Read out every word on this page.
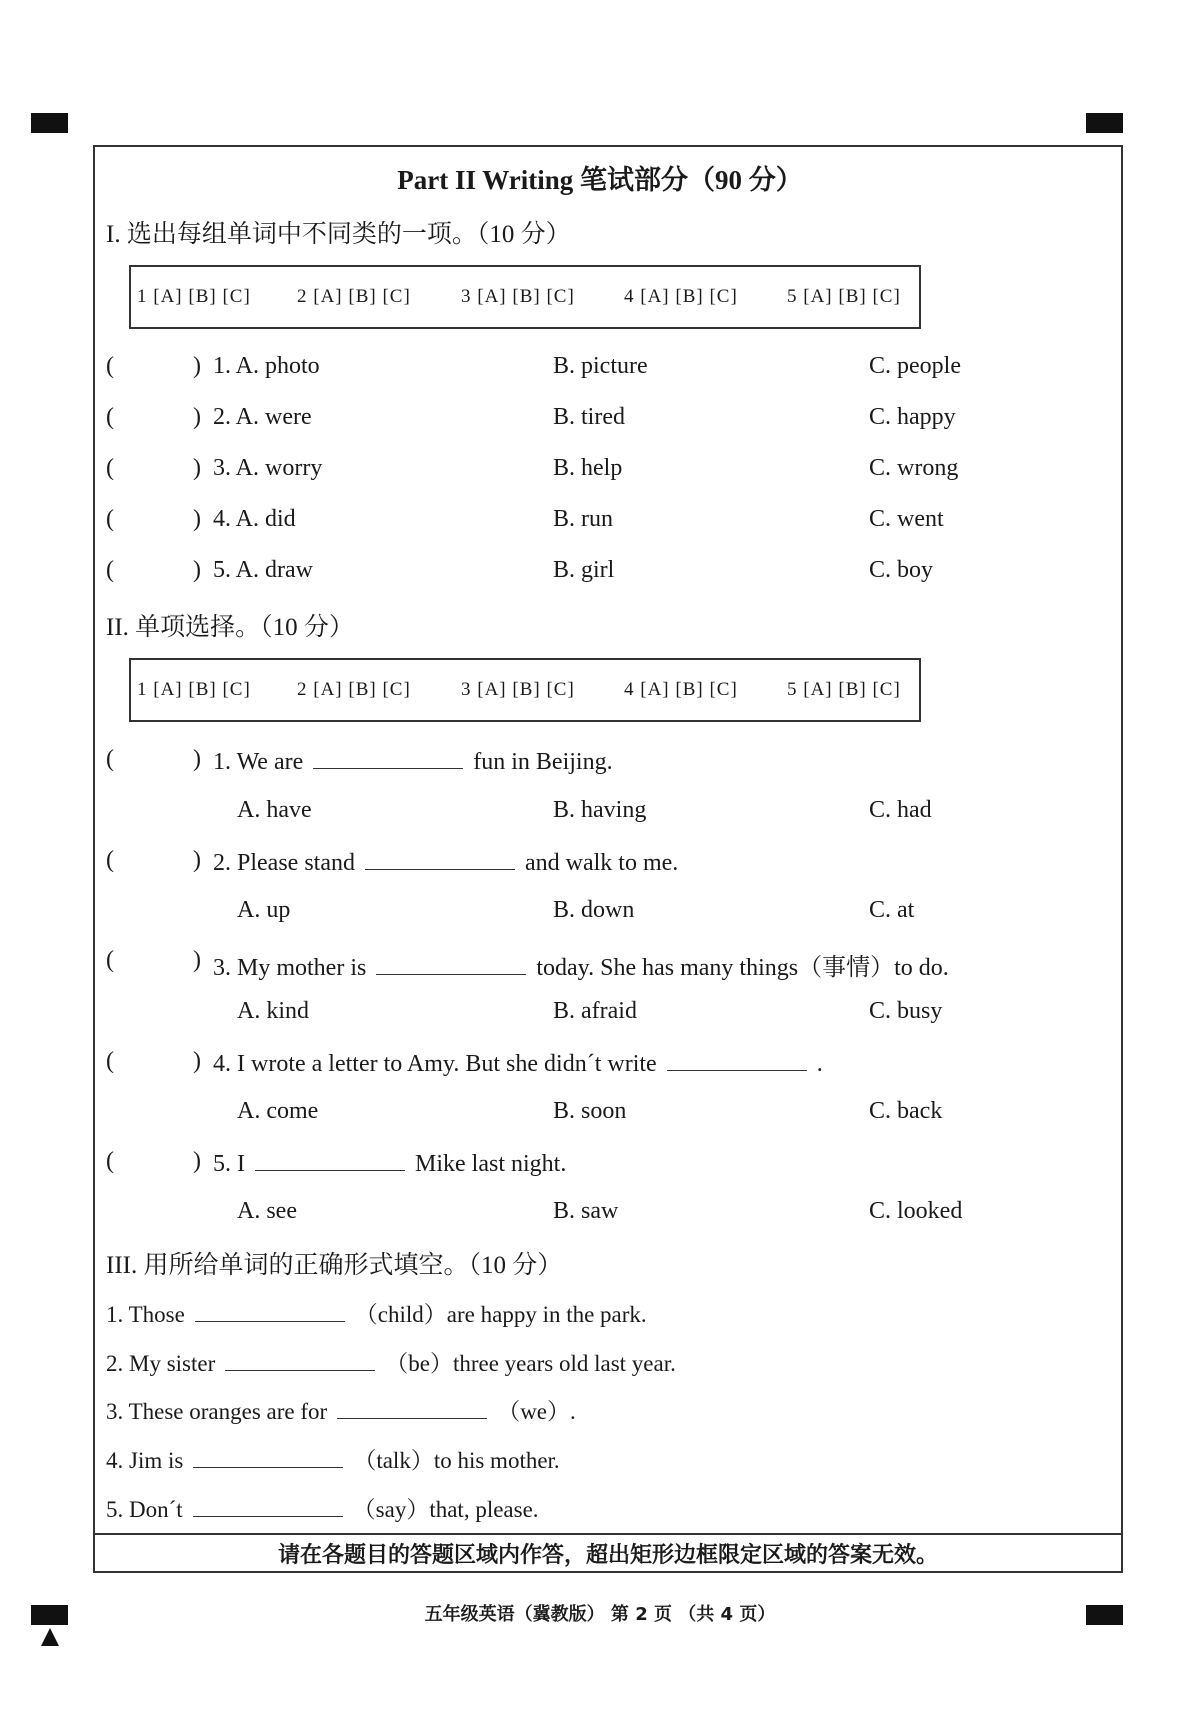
Part II Writing 笔试部分（90 分）
I. 选出每组单词中不同类的一项。（10 分）
1 [A] [B] [C] 2 [A] [B] [C]	3 [A] [B] [C]	4 [A] [B] [C]	5 [A] [B] [C]
(	) 1. A. photo	B. picture	C. people
(	) 2. A. were	B. tired	C. happy
(	) 3. A. worry	B. help	C. wrong
(	) 4. A. did	B. run	C. went
(	) 5. A. draw	B. girl	C. boy
II. 单项选择。（10 分）
1 [A] [B] [C] 2 [A] [B] [C]	3 [A] [B] [C]	4 [A] [B] [C]	5 [A] [B] [C]
(	) 1. We are	fun in Beijing.
A. have	B. having	C. had
(	) 2. Please stand	and walk to me.
A. up	B. down	C. at
(	) 3. My mother is	today. She has many things（事情）to do.
A. kind	B. afraid	C. busy
(	) 4. I wrote a letter to Amy. But she didn´t write	.
A. come	B. soon	C. back
(	) 5. I	Mike last night.
A. see	B. saw	C. looked
III. 用所给单词的正确形式填空。（10 分）
1. Those	（child）are happy in the park.
2. My sister	（be）three years old last year.
3. These oranges are for	（we）.
4. Jim is	（talk）to his mother.
5. Don´t	（say）that, please.
请在各题目的答题区域内作答，超出矩形边框限定区域的答案无效。
五年级英语（冀教版） 第 2 页 （共 4 页）
